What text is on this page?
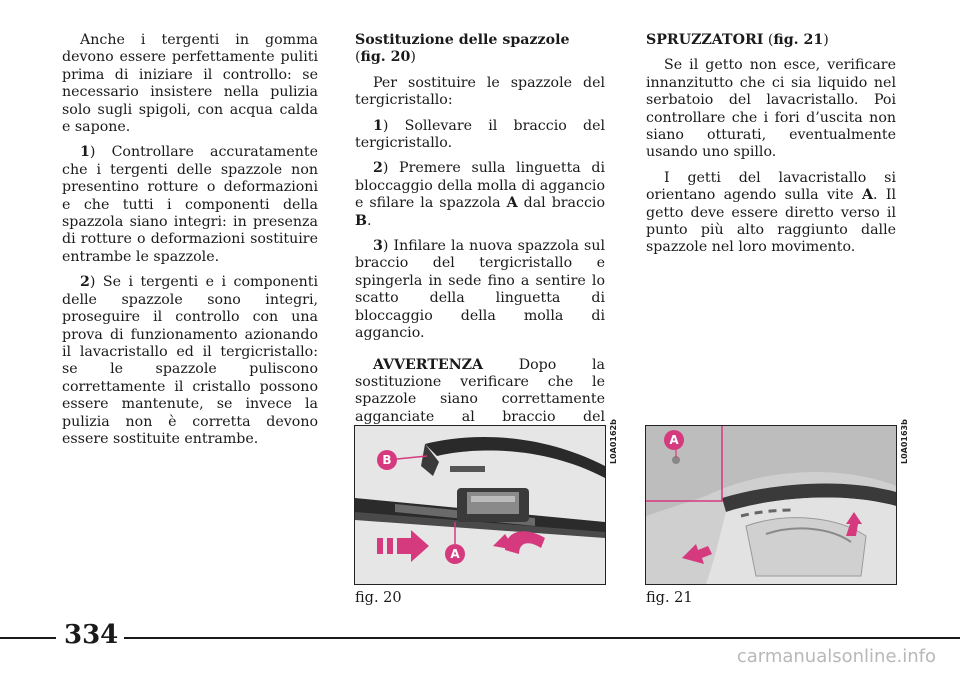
Anche i tergenti in gomma devono essere perfettamente puliti prima di iniziare il controllo: se necessario insistere nella pulizia solo sugli spigoli, con acqua calda e sapone.

1) Controllare accuratamente che i tergenti delle spazzole non presentino rotture o deformazioni e che tutti i componenti della spazzola siano integri: in presenza di rotture o deformazioni sostituire entrambe le spazzole.

2) Se i tergenti e i componenti delle spazzole sono integri, proseguire il controllo con una prova di funzionamento azionando il lavacristallo ed il tergicristallo: se le spazzole puliscono correttamente il cristallo possono essere mantenute, se invece la pulizia non è corretta devono essere sostituite entrambe.

Sostituzione delle spazzole
(fig. 20)

Per sostituire le spazzole del tergicristallo:

1) Sollevare il braccio del tergicristallo.

2) Premere sulla linguetta di bloccaggio della molla di aggancio e sfilare la spazzola A dal braccio B.

3) Infilare la nuova spazzola sul braccio del tergicristallo e spingerla in sede fino a sentire lo scatto della linguetta di bloccaggio della molla di aggancio.

AVVERTENZA	Dopo la sostituzione verificare che le spazzole siano correttamente agganciate al braccio del

SPRUZZATORI (fig. 21)

Se il getto non esce, verificare innanzitutto che ci sia liquido nel serbatoio del lavacristallo. Poi controllare che i fori d’uscita non siano otturati, eventualmente usando uno spillo.

I getti del lavacristallo si orientano agendo sulla vite A. Il getto deve essere diretto verso il punto più alto raggiunto dalle spazzole nel loro movimento.

B
A
L0A0162b
fig. 20
A	L0A0163b
fig. 21
334
carmanualsonline.info
